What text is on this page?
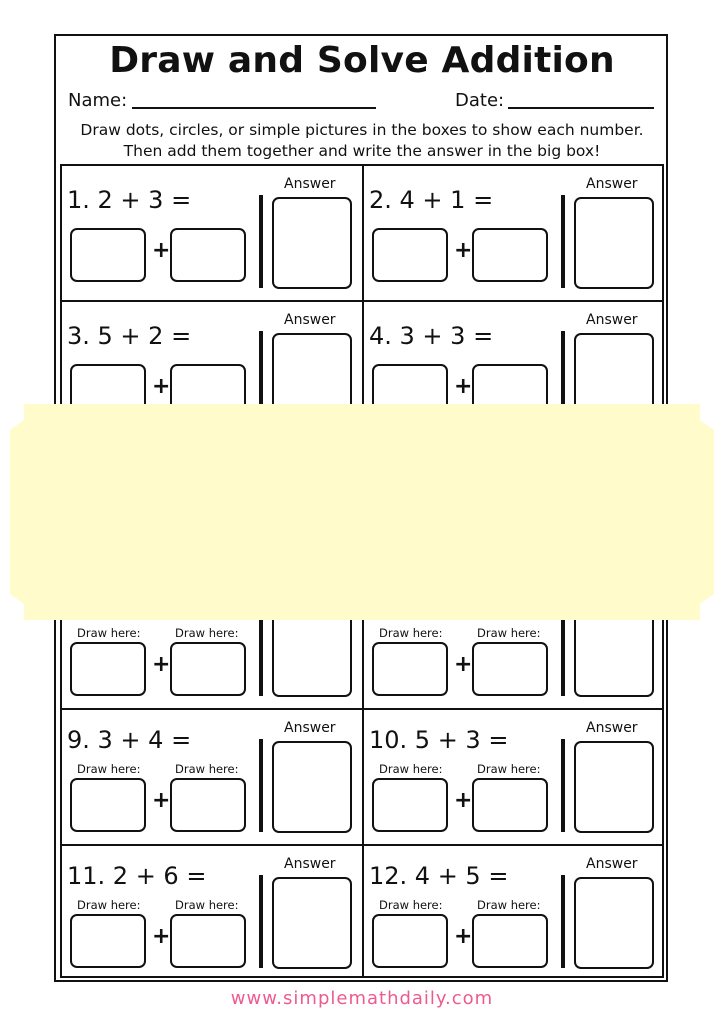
Draw and Solve Addition
Name:	Date:
Draw dots, circles, or simple pictures in the boxes to show each number.
Then add them together and write the answer in the big box!
1. 2 + 3 =
+
Answer
2. 4 + 1 =
+
Answer
3. 5 + 2 =
+
Answer
4. 3 + 3 =
+
Answer
Draw here:	Draw here:
+
Draw here:	Draw here:
+
9. 3 + 4 =
Draw here:	Draw here:
+
Answer 10. 5 + 3 =
Draw here:	Draw here:
+
Answer
11. 2 + 6 =
Draw here:	Draw here:
+
Answer 12. 4 + 5 =
Draw here:	Draw here:
+
Answer
www.simplemathdaily.com
